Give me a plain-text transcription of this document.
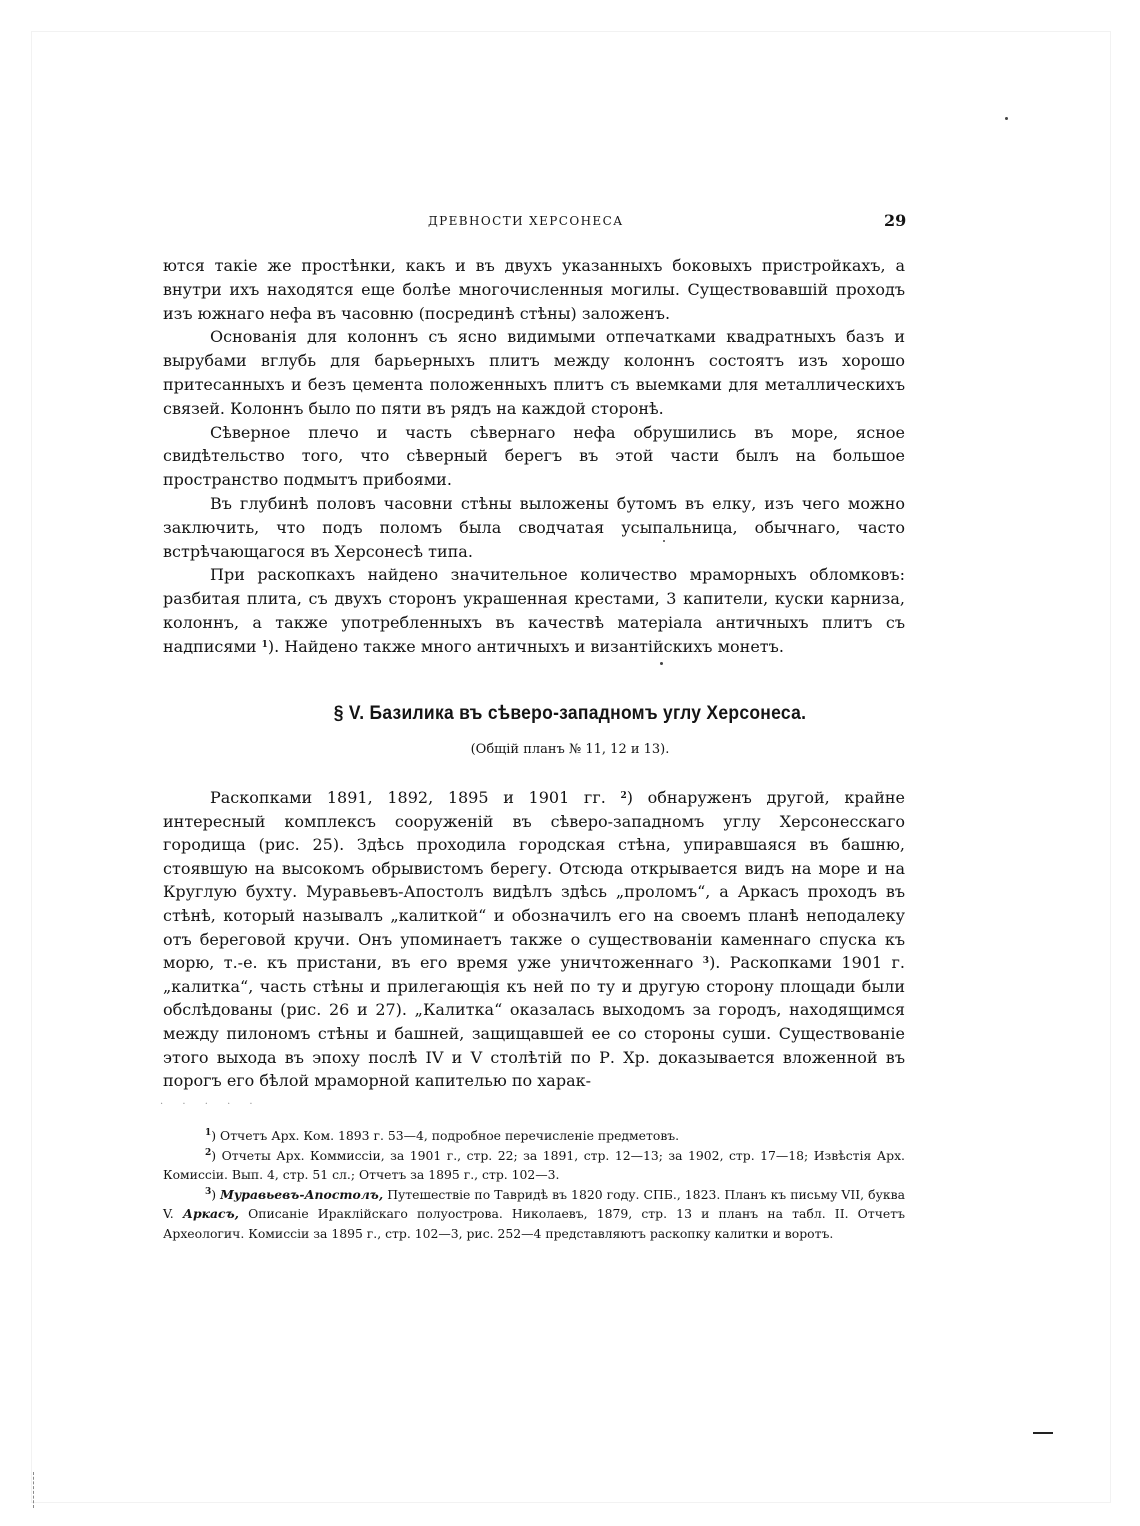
ДРЕВНОСТИ ХЕРСОНЕСА	29

ются такіе же простѣнки, какъ и въ двухъ указанныхъ боковыхъ пристройкахъ, а внутри ихъ находятся еще болѣе многочисленныя могилы. Существовавшій проходъ изъ южнаго нефа въ часовню (посрединѣ стѣны) заложенъ.

Основанія для колоннъ съ ясно видимыми отпечатками квадратныхъ базъ и вырубами вглубь для барьерныхъ плитъ между колоннъ состоятъ изъ хорошо притесанныхъ и безъ цемента положенныхъ плитъ съ выемками для металлическихъ связей. Колоннъ было по пяти въ рядъ на каждой сторонѣ.

Сѣверное плечо и часть сѣвернаго нефа обрушились въ море, ясное свидѣтельство того, что сѣверный берегъ въ этой части былъ на большое пространство подмытъ прибоями.

Въ глубинѣ половъ часовни стѣны выложены бутомъ въ елку, изъ чего можно заключить, что подъ поломъ была сводчатая усыпальница, обычнаго, часто встрѣчающагося въ Херсонесѣ типа.

При раскопкахъ найдено значительное количество мраморныхъ обломковъ: разбитая плита, съ двухъ сторонъ украшенная крестами, 3 капители, куски карниза, колоннъ, а также употребленныхъ въ качествѣ матеріала античныхъ плитъ съ надписями $^1$). Найдено также много античныхъ и византійскихъ монетъ.

§ V. Базилика въ сѣверо-западномъ углу Херсонеса.
(Общій планъ № 11, 12 и 13).

Раскопками 1891, 1892, 1895 и 1901 гг. $^2$) обнаруженъ другой, крайне интересный комплексъ сооруженій въ сѣверо-западномъ углу Херсонесскаго городища (рис. 25). Здѣсь проходила городская стѣна, упиравшаяся въ башню, стоявшую на высокомъ обрывистомъ берегу. Отсюда открывается видъ на море и на Круглую бухту. Муравьевъ-Апостолъ видѣлъ здѣсь „проломъ“, а Аркасъ проходъ въ стѣнѣ, который называлъ „калиткой“ и обозначилъ его на своемъ планѣ неподалеку отъ береговой кручи. Онъ упоминаетъ также о существованіи каменнаго спуска къ морю, т.-е. къ пристани, въ его время уже уничтоженнаго $^3$). Раскопками 1901 г. „калитка“, часть стѣны и прилегающія къ ней по ту и другую сторону площади были обслѣдованы (рис. 26 и 27). „Калитка“ оказалась выходомъ за городъ, находящимся между пилономъ стѣны и башней, защищавшей ее со стороны суши. Существованіе этого выхода въ эпоху послѣ IV и V столѣтій по Р. Хр. доказывается вложенной въ порогъ его бѣлой мраморной капителью по харак-

· · · · ·

$^1$) Отчетъ Арх. Ком. 1893 г. 53—4, подробное перечисленіе предметовъ.

$^2$) Отчеты Арх. Коммиссіи, за 1901 г., стр. 22; за 1891, стр. 12—13; за 1902, стр. 17—18; Извѣстія Арх. Комиссіи. Вып. 4, стр. 51 сл.; Отчетъ за 1895 г., стр. 102—3.

$^3$) Муравьевъ-Апостолъ, Путешествіе по Тавридѣ въ 1820 году. СПБ., 1823. Планъ къ письму VII, буква V. Аркасъ, Описаніе Ираклійскаго полуострова. Николаевъ, 1879, стр. 13 и планъ на табл. II. Отчетъ Археологич. Комиссіи за 1895 г., стр. 102—3, рис. 252—4 представляютъ раскопку калитки и воротъ.
